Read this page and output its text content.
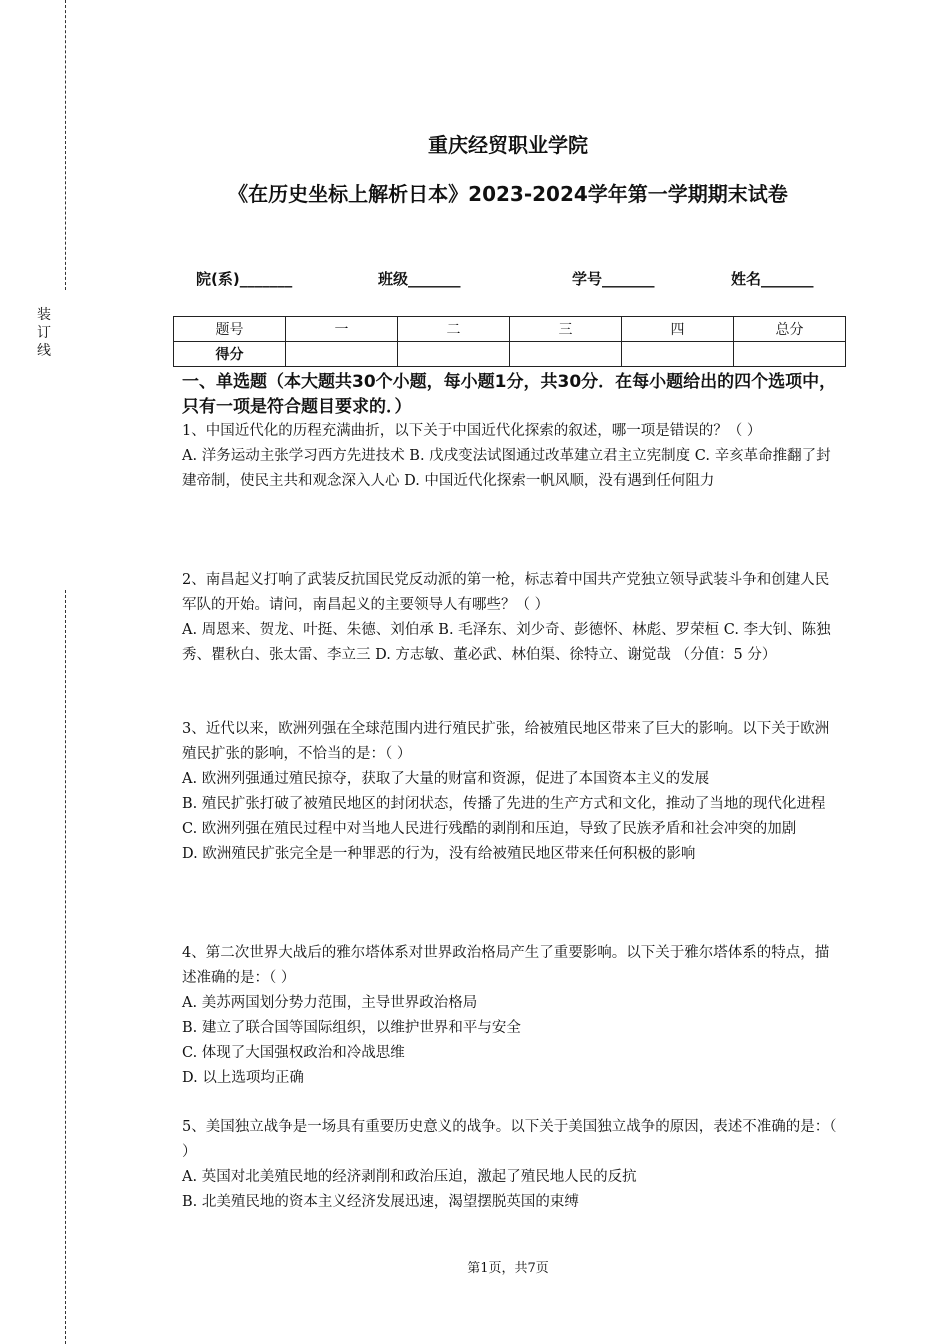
装订线
重庆经贸职业学院
《在历史坐标上解析日本》2023-2024学年第一学期期末试卷
院(系)_______	班级_______	学号_______	姓名_______
题号	一	二	三	四	总分
得分					
一、单选题（本大题共30个小题，每小题1分，共30分．在每小题给出的四个选项中，只有一项是符合题目要求的．）

1、中国近代化的历程充满曲折，以下关于中国近代化探索的叙述，哪一项是错误的？（ ）

A. 洋务运动主张学习西方先进技术 B. 戊戌变法试图通过改革建立君主立宪制度 C. 辛亥革命推翻了封建帝制，使民主共和观念深入人心 D. 中国近代化探索一帆风顺，没有遇到任何阻力

2、南昌起义打响了武装反抗国民党反动派的第一枪，标志着中国共产党独立领导武装斗争和创建人民军队的开始。请问，南昌起义的主要领导人有哪些？（ ）

A. 周恩来、贺龙、叶挺、朱德、刘伯承 B. 毛泽东、刘少奇、彭德怀、林彪、罗荣桓 C. 李大钊、陈独秀、瞿秋白、张太雷、李立三 D. 方志敏、董必武、林伯渠、徐特立、谢觉哉 （分值：5 分）

3、近代以来，欧洲列强在全球范围内进行殖民扩张，给被殖民地区带来了巨大的影响。以下关于欧洲殖民扩张的影响，不恰当的是：（ ）

A. 欧洲列强通过殖民掠夺，获取了大量的财富和资源，促进了本国资本主义的发展

B. 殖民扩张打破了被殖民地区的封闭状态，传播了先进的生产方式和文化，推动了当地的现代化进程

C. 欧洲列强在殖民过程中对当地人民进行残酷的剥削和压迫，导致了民族矛盾和社会冲突的加剧

D. 欧洲殖民扩张完全是一种罪恶的行为，没有给被殖民地区带来任何积极的影响

4、第二次世界大战后的雅尔塔体系对世界政治格局产生了重要影响。以下关于雅尔塔体系的特点，描述准确的是：（ ）

A. 美苏两国划分势力范围，主导世界政治格局

B. 建立了联合国等国际组织，以维护世界和平与安全

C. 体现了大国强权政治和冷战思维

D. 以上选项均正确

5、美国独立战争是一场具有重要历史意义的战争。以下关于美国独立战争的原因，表述不准确的是：（ ）

A. 英国对北美殖民地的经济剥削和政治压迫，激起了殖民地人民的反抗

B. 北美殖民地的资本主义经济发展迅速，渴望摆脱英国的束缚

第1页，共7页
